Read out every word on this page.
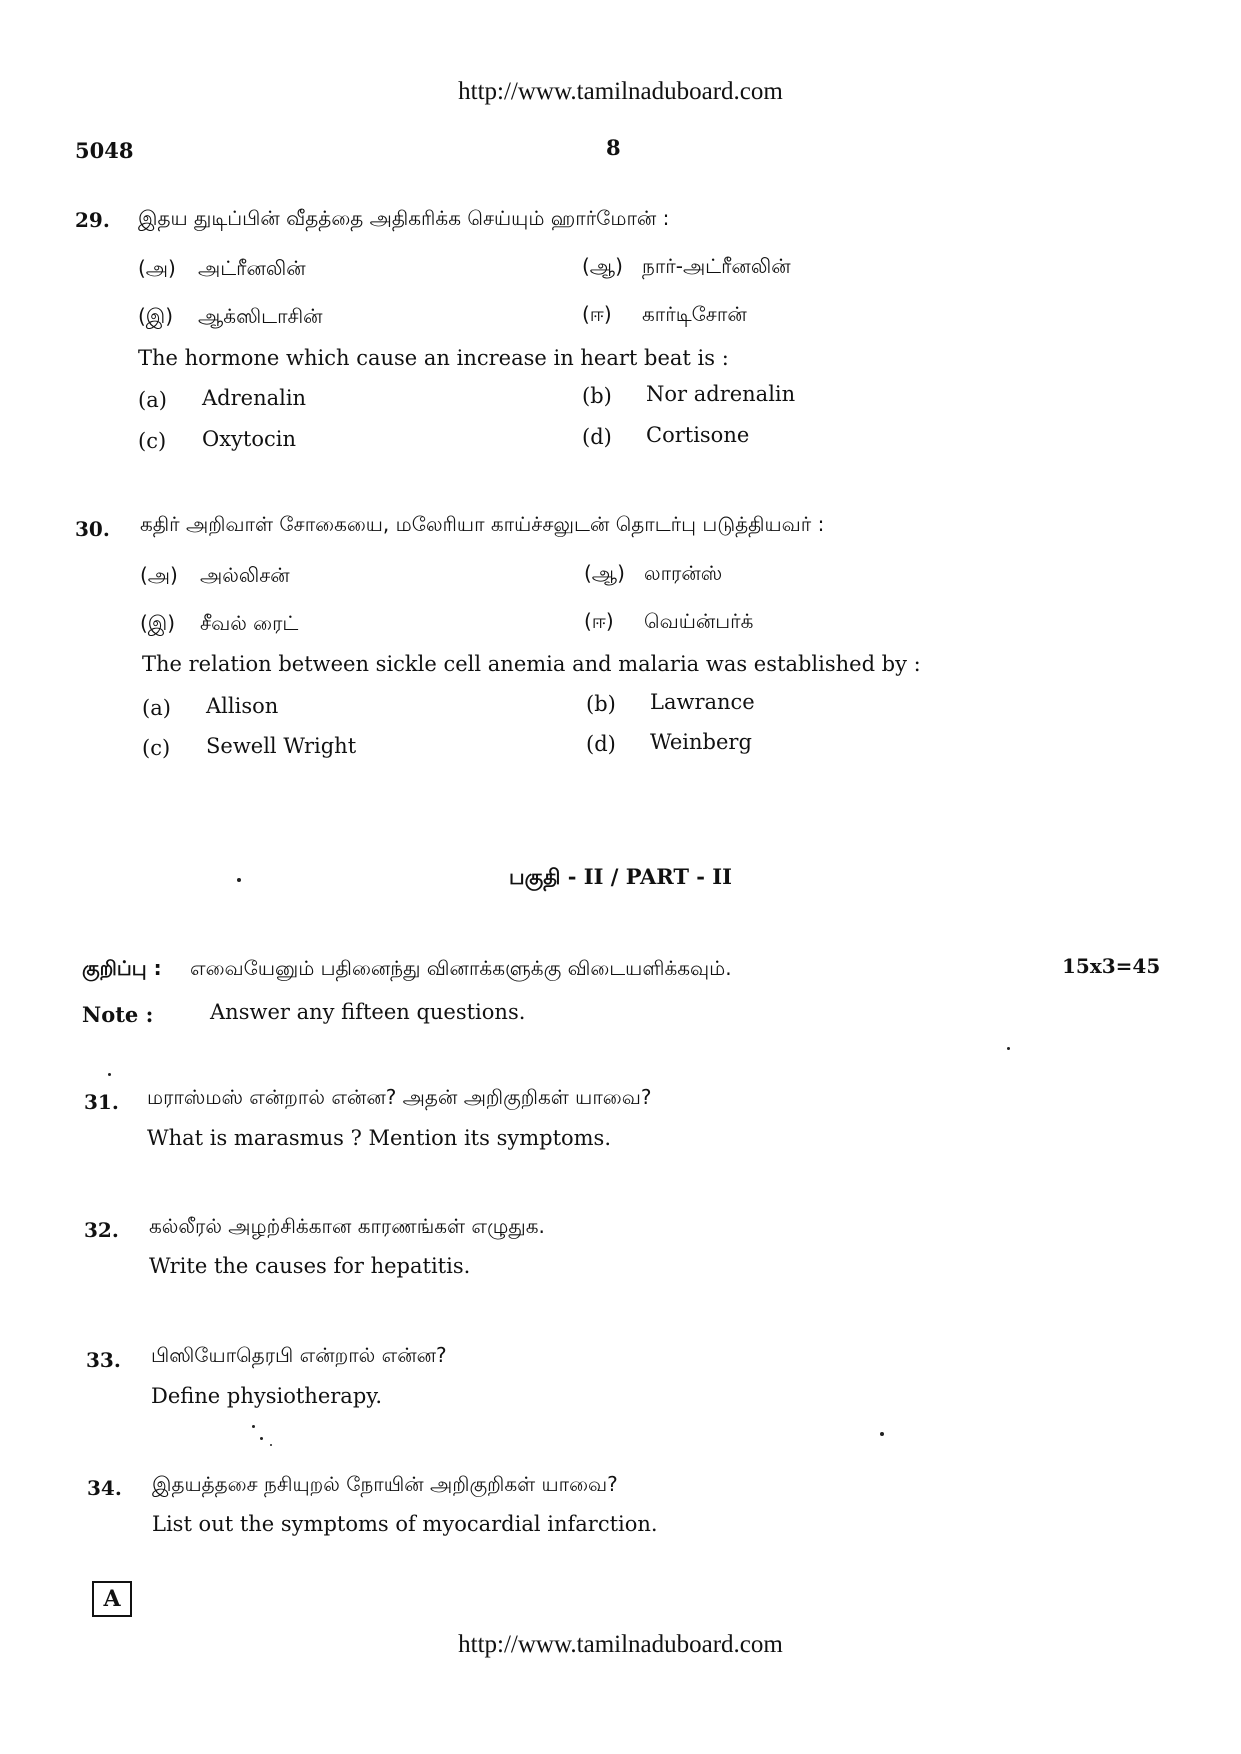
http://www.tamilnaduboard.com
5048	8
29. இதய துடிப்பின் வீதத்தை அதிகரிக்க செய்யும் ஹார்மோன் :
(அ) அட்ரீனலின்	(ஆ) நார்-அட்ரீனலின்
(இ) ஆக்ஸிடாசின்	(ஈ) கார்டிசோன்
The hormone which cause an increase in heart beat is :
(a) Adrenalin	(b) Nor adrenalin
(c) Oxytocin	(d) Cortisone
30. கதிர் அறிவாள் சோகையை, மலேரியா காய்ச்சலுடன் தொடர்பு படுத்தியவர் :
(அ) அல்லிசன்	(ஆ) லாரன்ஸ்
(இ) சீவல் ரைட்	(ஈ) வெய்ன்பர்க்
The relation between sickle cell anemia and malaria was established by :
(a) Allison	(b) Lawrance
(c) Sewell Wright	(d) Weinberg
பகுதி - II / PART - II
குறிப்பு : எவையேனும் பதினைந்து வினாக்களுக்கு விடையளிக்கவும்.	15x3=45
Note :	Answer any fifteen questions.
31. மராஸ்மஸ் என்றால் என்ன? அதன் அறிகுறிகள் யாவை?
What is marasmus ? Mention its symptoms.
32. கல்லீரல் அழற்சிக்கான காரணங்கள் எழுதுக.
Write the causes for hepatitis.
33. பிஸியோதெரபி என்றால் என்ன?
Define physiotherapy.
34. இதயத்தசை நசியுறல் நோயின் அறிகுறிகள் யாவை?
List out the symptoms of myocardial infarction.
A
http://www.tamilnaduboard.com
